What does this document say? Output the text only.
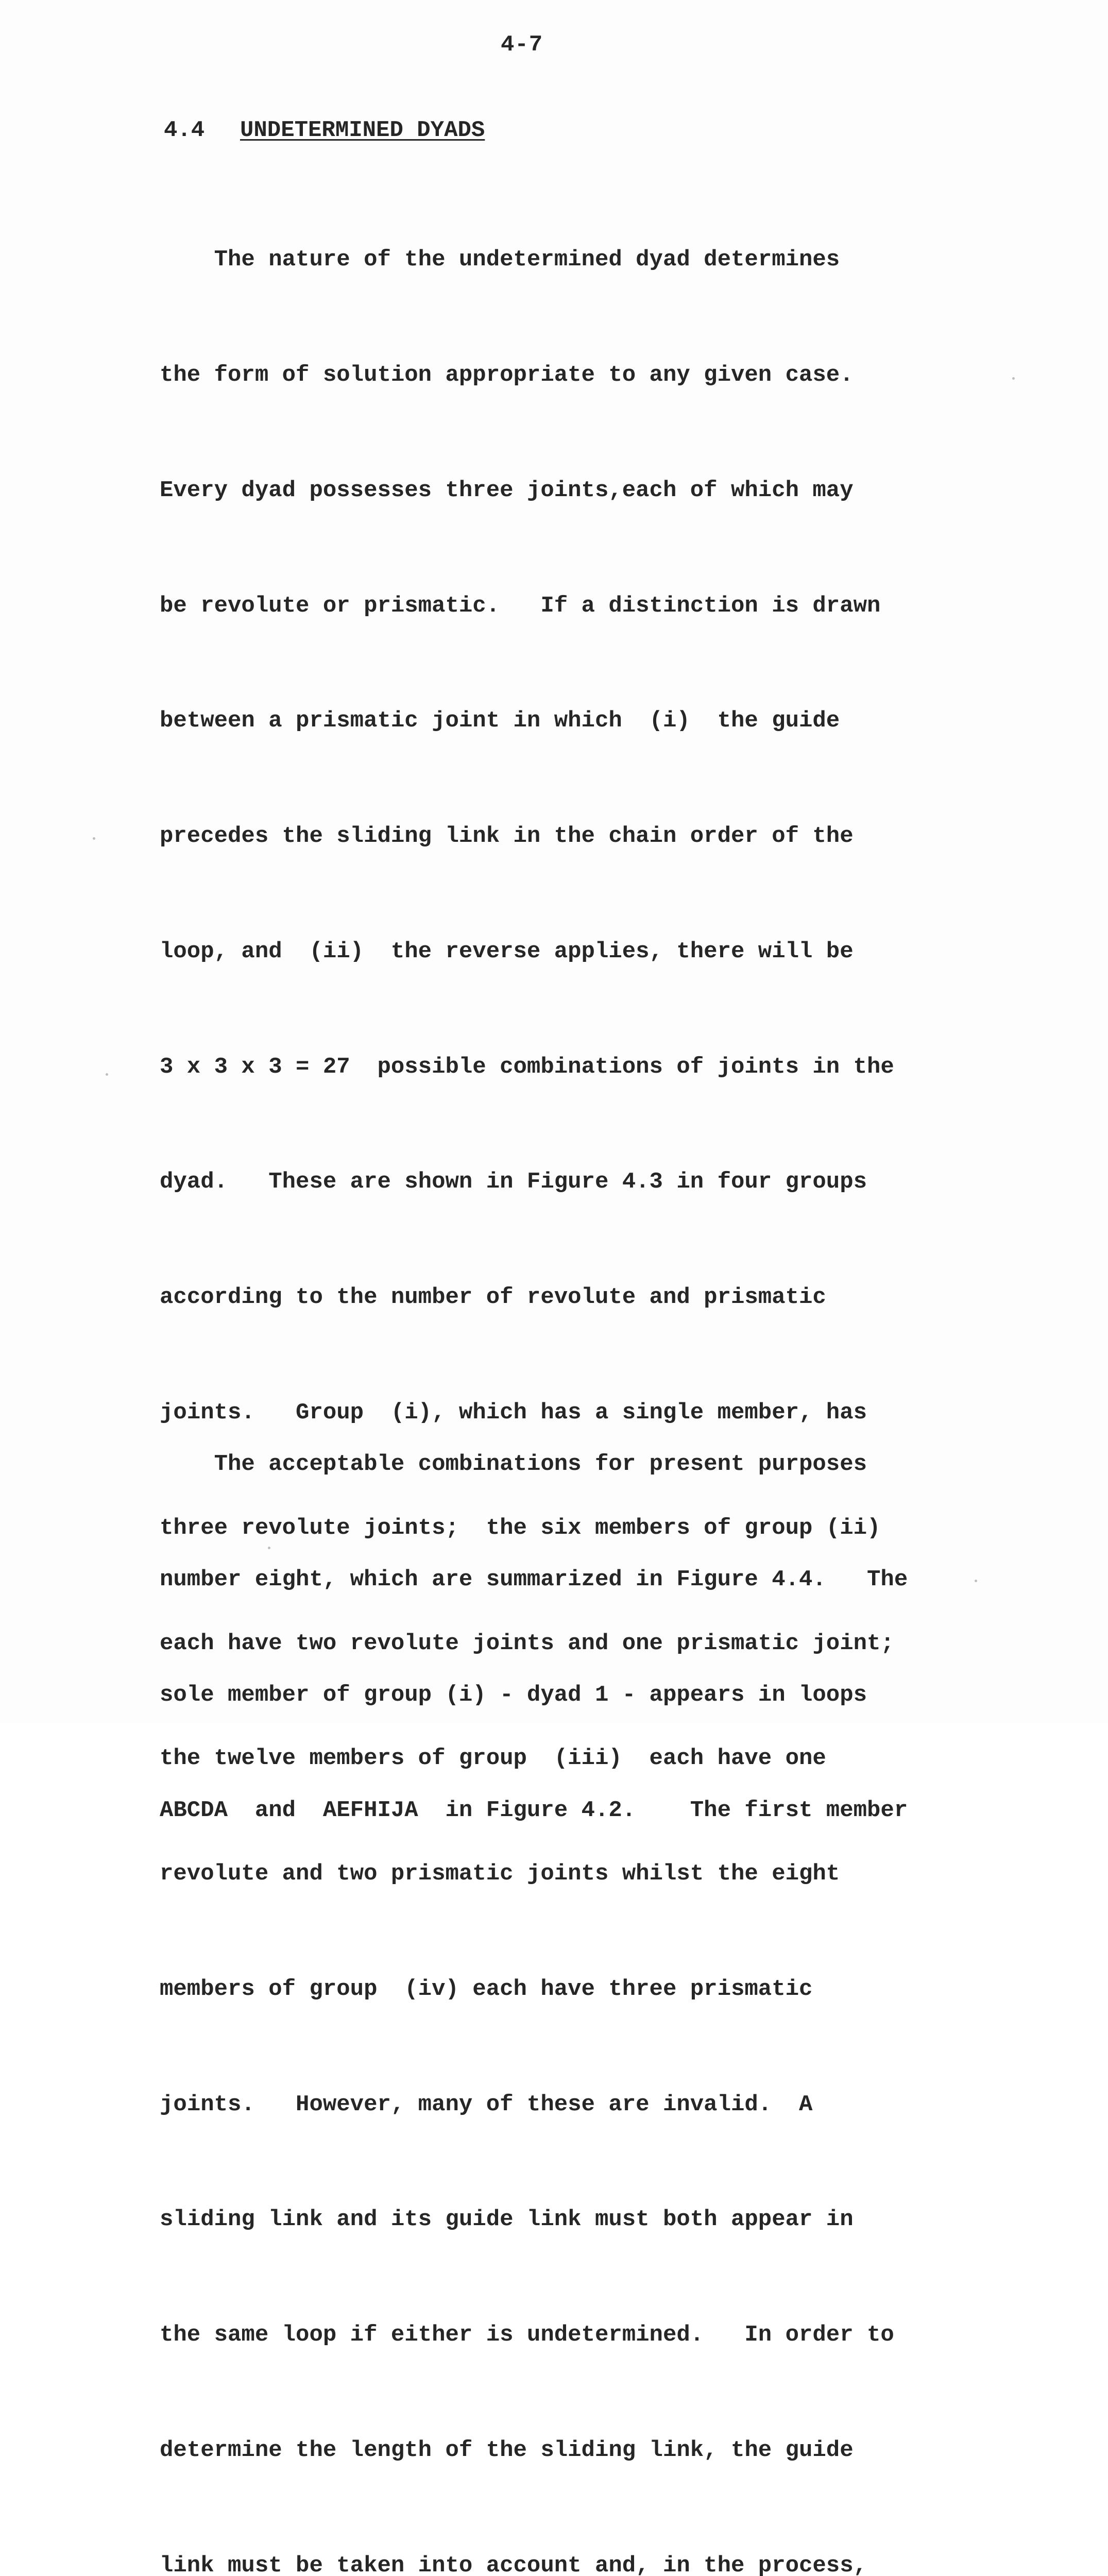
4-7
4.4 UNDETERMINED DYADS

The nature of the undetermined dyad determines

the form of solution appropriate to any given case.

Every dyad possesses three joints,each of which may

be revolute or prismatic.   If a distinction is drawn

between a prismatic joint in which  (i)  the guide

precedes the sliding link in the chain order of the

loop, and  (ii)  the reverse applies, there will be

3 x 3 x 3 = 27  possible combinations of joints in the

dyad.   These are shown in Figure 4.3 in four groups

according to the number of revolute and prismatic

joints.   Group  (i), which has a single member, has

three revolute joints;  the six members of group (ii)

each have two revolute joints and one prismatic joint;

the twelve members of group  (iii)  each have one

revolute and two prismatic joints whilst the eight

members of group  (iv) each have three prismatic

joints.   However, many of these are invalid.  A

sliding link and its guide link must both appear in

the same loop if either is undetermined.   In order to

determine the length of the sliding link, the guide

link must be taken into account and, in the process,

The acceptable combinations for present purposes

number eight, which are summarized in Figure 4.4.   The

sole member of group (i) - dyad 1 - appears in loops

ABCDA  and  AEFHIJA  in Figure 4.2.    The first member
